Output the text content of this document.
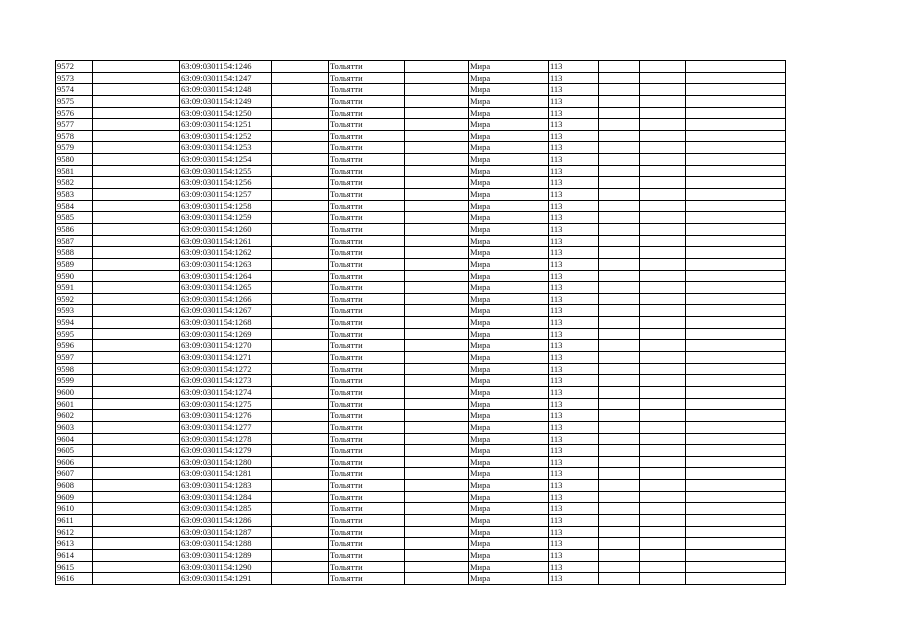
9572		63:09:0301154:1246		Тольятти		Мира	113			
9573		63:09:0301154:1247		Тольятти		Мира	113			
9574		63:09:0301154:1248		Тольятти		Мира	113			
9575		63:09:0301154:1249		Тольятти		Мира	113			
9576		63:09:0301154:1250		Тольятти		Мира	113			
9577		63:09:0301154:1251		Тольятти		Мира	113			
9578		63:09:0301154:1252		Тольятти		Мира	113			
9579		63:09:0301154:1253		Тольятти		Мира	113			
9580		63:09:0301154:1254		Тольятти		Мира	113			
9581		63:09:0301154:1255		Тольятти		Мира	113			
9582		63:09:0301154:1256		Тольятти		Мира	113			
9583		63:09:0301154:1257		Тольятти		Мира	113			
9584		63:09:0301154:1258		Тольятти		Мира	113			
9585		63:09:0301154:1259		Тольятти		Мира	113			
9586		63:09:0301154:1260		Тольятти		Мира	113			
9587		63:09:0301154:1261		Тольятти		Мира	113			
9588		63:09:0301154:1262		Тольятти		Мира	113			
9589		63:09:0301154:1263		Тольятти		Мира	113			
9590		63:09:0301154:1264		Тольятти		Мира	113			
9591		63:09:0301154:1265		Тольятти		Мира	113			
9592		63:09:0301154:1266		Тольятти		Мира	113			
9593		63:09:0301154:1267		Тольятти		Мира	113			
9594		63:09:0301154:1268		Тольятти		Мира	113			
9595		63:09:0301154:1269		Тольятти		Мира	113			
9596		63:09:0301154:1270		Тольятти		Мира	113			
9597		63:09:0301154:1271		Тольятти		Мира	113			
9598		63:09:0301154:1272		Тольятти		Мира	113			
9599		63:09:0301154:1273		Тольятти		Мира	113			
9600		63:09:0301154:1274		Тольятти		Мира	113			
9601		63:09:0301154:1275		Тольятти		Мира	113			
9602		63:09:0301154:1276		Тольятти		Мира	113			
9603		63:09:0301154:1277		Тольятти		Мира	113			
9604		63:09:0301154:1278		Тольятти		Мира	113			
9605		63:09:0301154:1279		Тольятти		Мира	113			
9606		63:09:0301154:1280		Тольятти		Мира	113			
9607		63:09:0301154:1281		Тольятти		Мира	113			
9608		63:09:0301154:1283		Тольятти		Мира	113			
9609		63:09:0301154:1284		Тольятти		Мира	113			
9610		63:09:0301154:1285		Тольятти		Мира	113			
9611		63:09:0301154:1286		Тольятти		Мира	113			
9612		63:09:0301154:1287		Тольятти		Мира	113			
9613		63:09:0301154:1288		Тольятти		Мира	113			
9614		63:09:0301154:1289		Тольятти		Мира	113			
9615		63:09:0301154:1290		Тольятти		Мира	113			
9616		63:09:0301154:1291		Тольятти		Мира	113			
